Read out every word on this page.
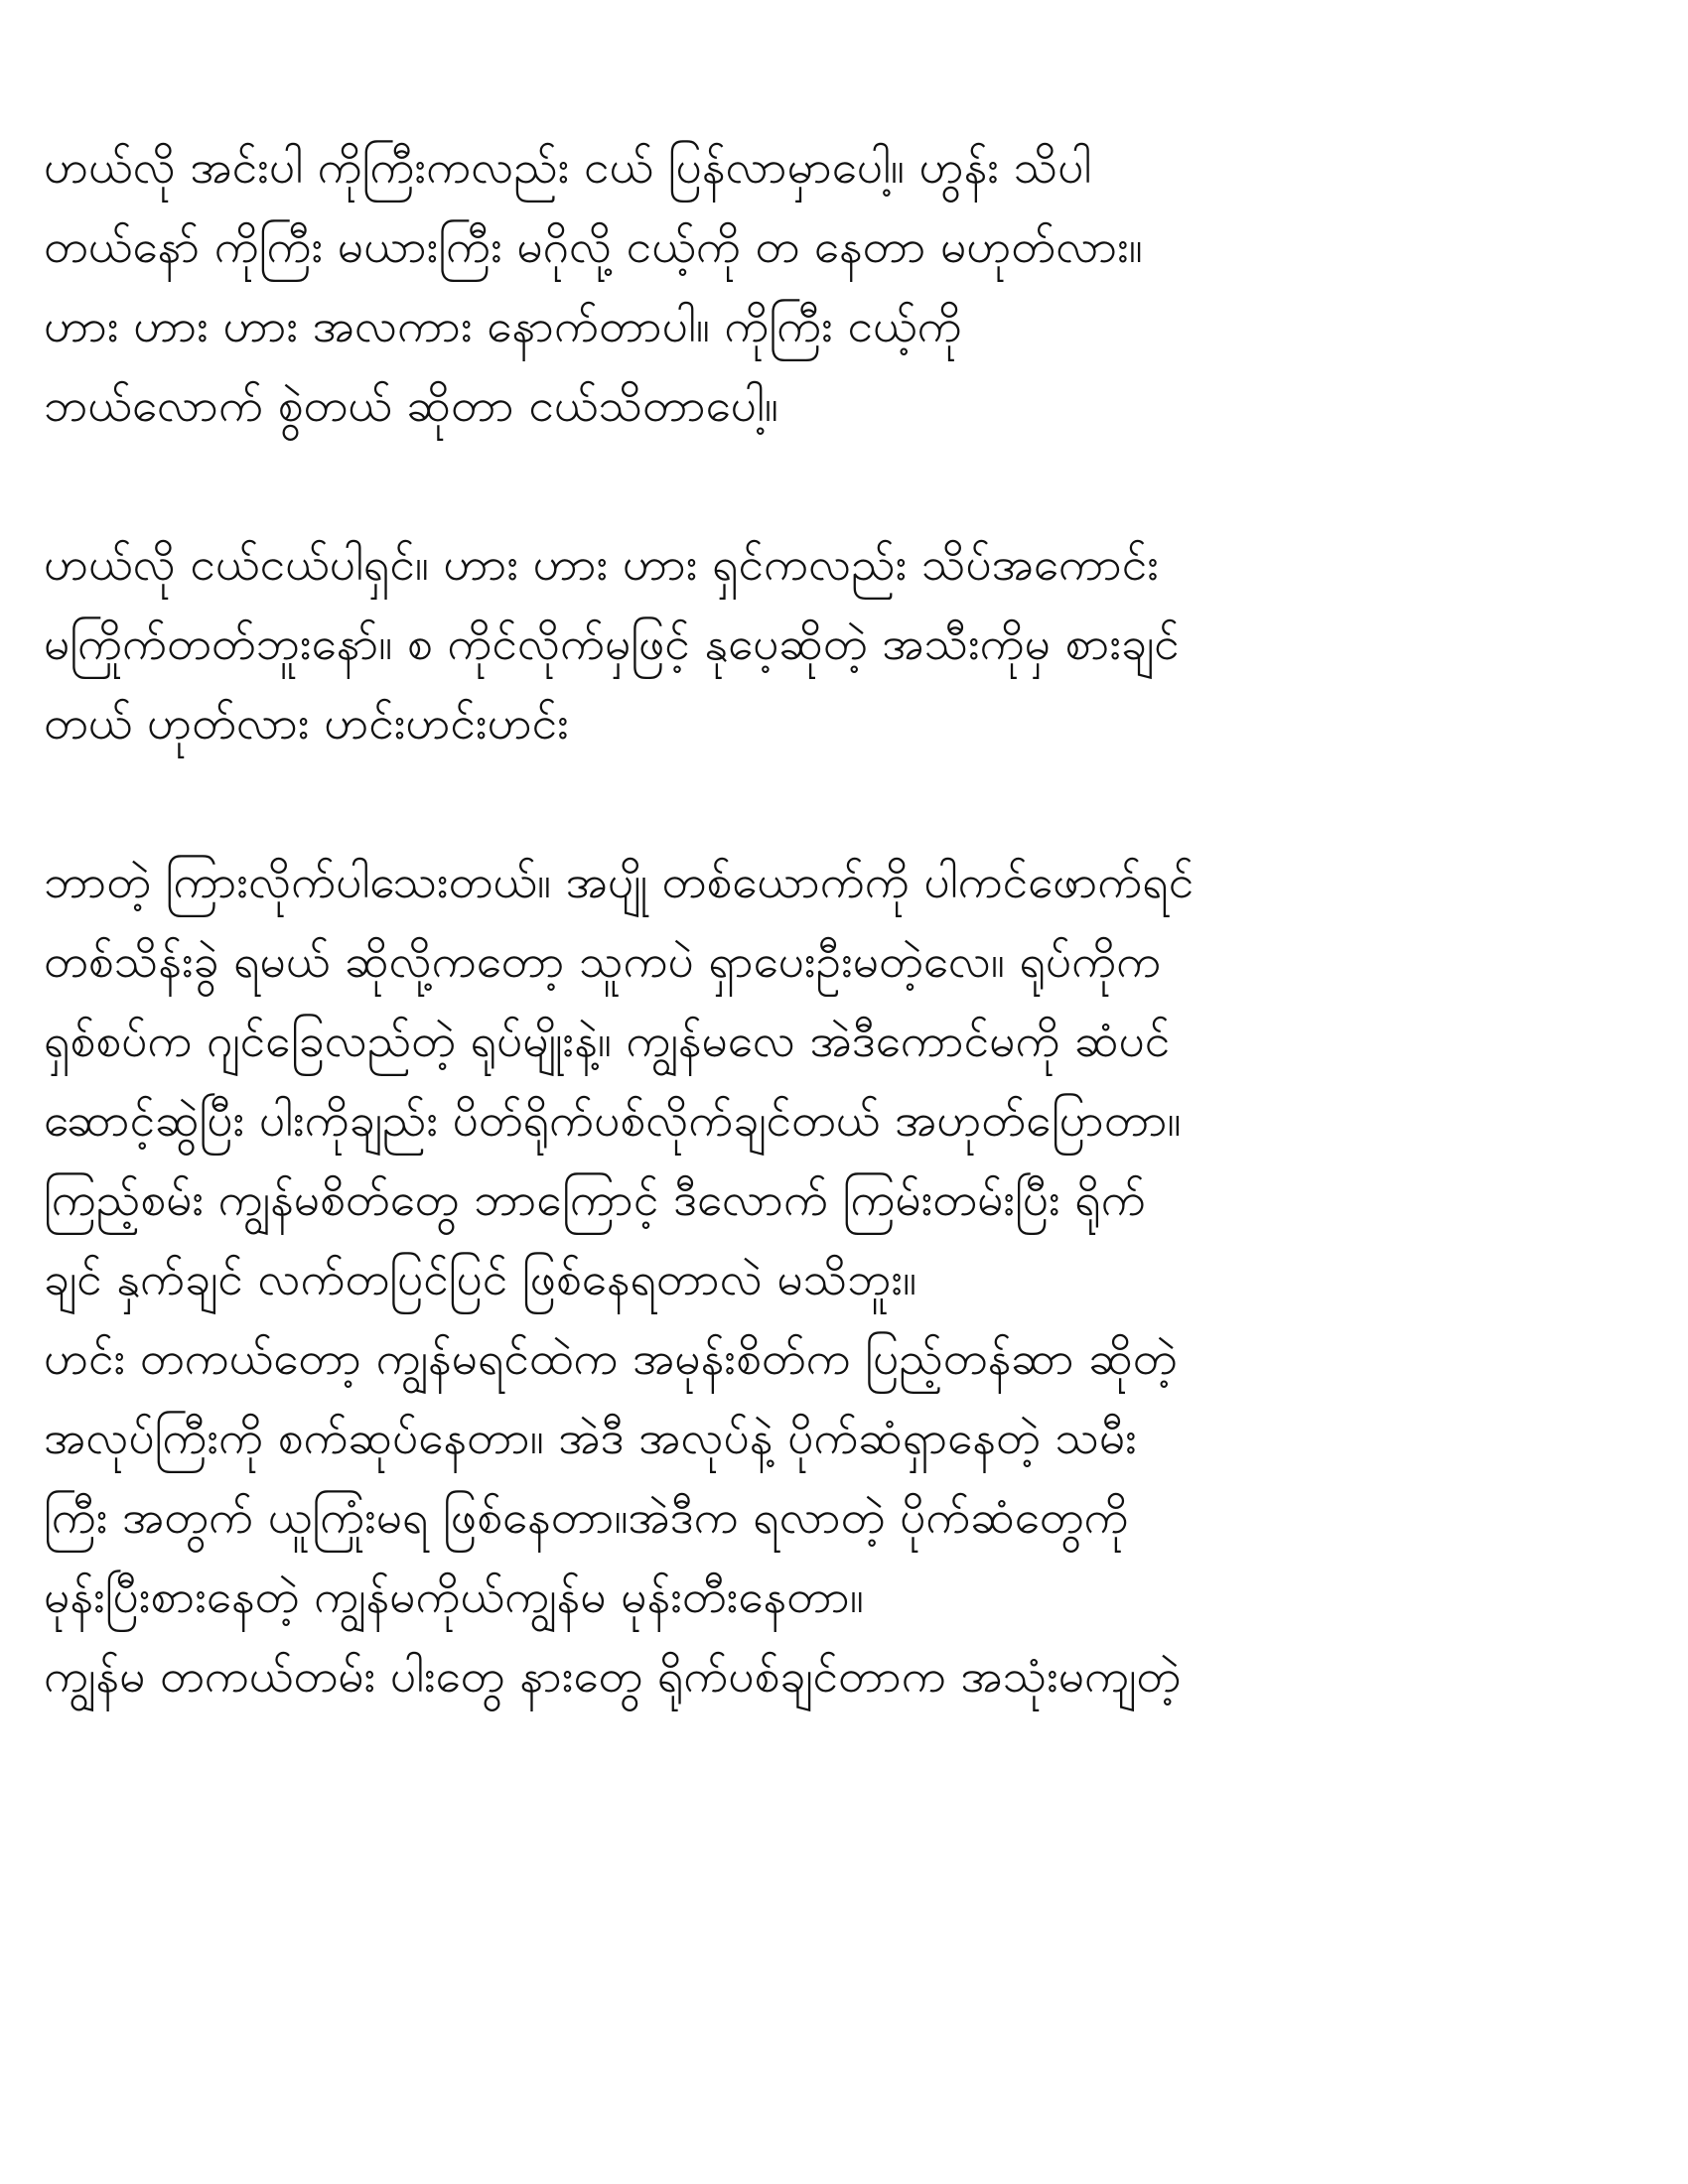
ဟယ်လို အင်းပါ ကိုကြီးကလည်း ငယ် ပြန်လာမှာပေါ့။ ဟွန်း သိပါ
တယ်နော် ကိုကြီး မယားကြီး မဂိုလို့ ငယ့်ကို တ နေတာ မဟုတ်လား။
ဟား ဟား ဟား အလကား နောက်တာပါ။ ကိုကြီး ငယ့်ကို
ဘယ်လောက် စွဲတယ် ဆိုတာ ငယ်သိတာပေါ့။
ဟယ်လို ငယ်ငယ်ပါရှင်။ ဟား ဟား ဟား ရှင်ကလည်း သိပ်အကောင်း
မကြိုက်တတ်ဘူးနော်။ စ ကိုင်လိုက်မှဖြင့် နုပေ့ဆိုတဲ့ အသီးကိုမှ စားချင်
တယ် ဟုတ်လား ဟင်းဟင်းဟင်း
ဘာတဲ့ ကြားလိုက်ပါသေးတယ်။ အပျို တစ်ယောက်ကို ပါကင်ဖောက်ရင်
တစ်သိန်းခွဲ ရမယ် ဆိုလို့ကတော့ သူကပဲ ရှာပေးဦးမတဲ့လေ။ ရုပ်ကိုက
ရှစ်စပ်က ဂျင်ခြေလည်တဲ့ ရုပ်မျိုးနဲ့။ ကျွန်မလေ အဲဒီကောင်မကို ဆံပင်
ဆောင့်ဆွဲပြီး ပါးကိုချည်း ပိတ်ရိုက်ပစ်လိုက်ချင်တယ် အဟုတ်ပြောတာ။
ကြည့်စမ်း ကျွန်မစိတ်တွေ ဘာကြောင့် ဒီလောက် ကြမ်းတမ်းပြီး ရိုက်
ချင် နှက်ချင် လက်တပြင်ပြင် ဖြစ်နေရတာလဲ မသိဘူး။
ဟင်း တကယ်တော့ ကျွန်မရင်ထဲက အမုန်းစိတ်က ပြည့်တန်ဆာ ဆိုတဲ့
အလုပ်ကြီးကို စက်ဆုပ်နေတာ။ အဲဒီ အလုပ်နဲ့ ပိုက်ဆံရှာနေတဲ့ သမီး
ကြီး အတွက် ယူကြုံးမရ ဖြစ်နေတာ။အဲဒီက ရလာတဲ့ ပိုက်ဆံတွေကို
မုန်းပြီးစားနေတဲ့ ကျွန်မကိုယ်ကျွန်မ မုန်းတီးနေတာ။
ကျွန်မ တကယ်တမ်း ပါးတွေ နားတွေ ရိုက်ပစ်ချင်တာက အသုံးမကျတဲ့
